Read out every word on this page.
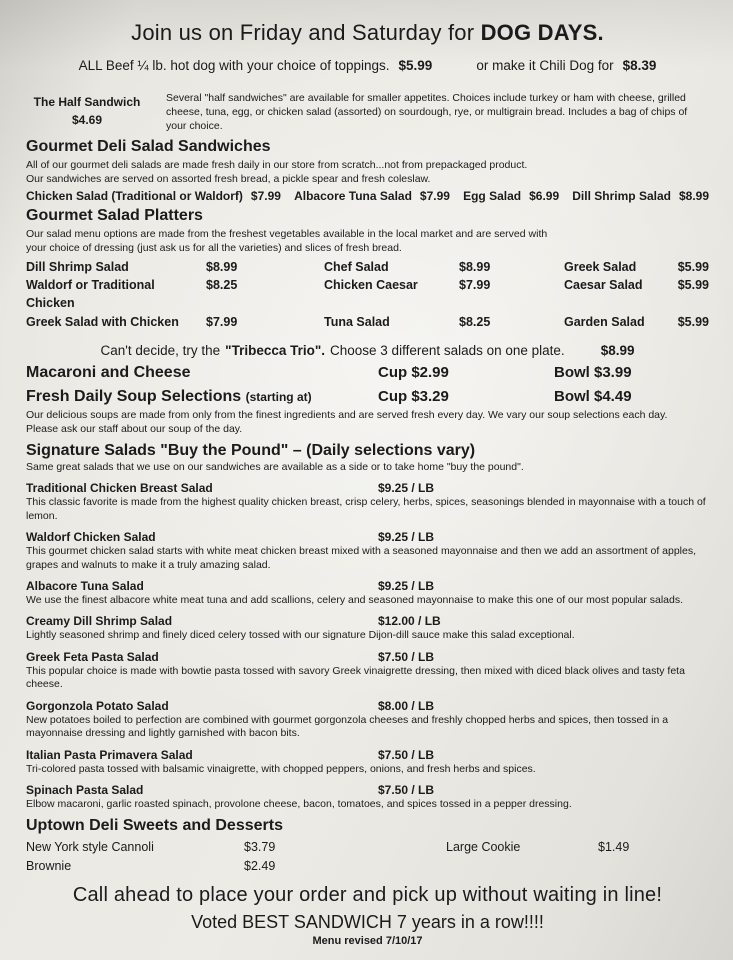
Join us on Friday and Saturday for DOG DAYS.
ALL Beef ¼ lb. hot dog with your choice of toppings. $5.99	or make it Chili Dog for $8.39
The Half Sandwich
$4.69
Several "half sandwiches" are available for smaller appetites. Choices include turkey or ham with cheese, grilled cheese, tuna, egg, or chicken salad (assorted) on sourdough, rye, or multigrain bread. Includes a bag of chips of your choice.
Gourmet Deli Salad Sandwiches
All of our gourmet deli salads are made fresh daily in our store from scratch...not from prepackaged product.
Our sandwiches are served on assorted fresh bread, a pickle spear and fresh coleslaw.
Chicken Salad (Traditional or Waldorf) $7.99 Albacore Tuna Salad $7.99 Egg Salad $6.99 Dill Shrimp Salad $8.99
Gourmet Salad Platters
Our salad menu options are made from the freshest vegetables available in the local market and are served with your choice of dressing (just ask us for all the varieties) and slices of fresh bread.
Dill Shrimp Salad	$8.99	Chef Salad	$8.99	Greek Salad	$5.99
Waldorf or Traditional Chicken
$8.25	Chicken Caesar	$7.99	Caesar Salad	$5.99
Greek Salad with Chicken	$7.99	Tuna Salad	$8.25	Garden Salad	$5.99
Can't decide, try the "Tribecca Trio". Choose 3 different salads on one plate.	$8.99
Macaroni and Cheese	Cup $2.99	Bowl $3.99
Fresh Daily Soup Selections (starting at)	Cup $3.29	Bowl $4.49
Our delicious soups are made from only from the finest ingredients and are served fresh every day. We vary our soup selections each day.
Please ask our staff about our soup of the day.
Signature Salads "Buy the Pound" – (Daily selections vary)
Same great salads that we use on our sandwiches are available as a side or to take home "buy the pound".
Traditional Chicken Breast Salad	$9.25 / LB
This classic favorite is made from the highest quality chicken breast, crisp celery, herbs, spices, seasonings blended in mayonnaise with a touch of lemon.
Waldorf Chicken Salad	$9.25 / LB
This gourmet chicken salad starts with white meat chicken breast mixed with a seasoned mayonnaise and then we add an assortment of apples, grapes and walnuts to make it a truly amazing salad.
Albacore Tuna Salad	$9.25 / LB
We use the finest albacore white meat tuna and add scallions, celery and seasoned mayonnaise to make this one of our most popular salads.
Creamy Dill Shrimp Salad	$12.00 / LB
Lightly seasoned shrimp and finely diced celery tossed with our signature Dijon-dill sauce make this salad exceptional.
Greek Feta Pasta Salad	$7.50 / LB
This popular choice is made with bowtie pasta tossed with savory Greek vinaigrette dressing, then mixed with diced black olives and tasty feta cheese.
Gorgonzola Potato Salad	$8.00 / LB
New potatoes boiled to perfection are combined with gourmet gorgonzola cheeses and freshly chopped herbs and spices, then tossed in a mayonnaise dressing and lightly garnished with bacon bits.
Italian Pasta Primavera Salad	$7.50 / LB
Tri-colored pasta tossed with balsamic vinaigrette, with chopped peppers, onions, and fresh herbs and spices.
Spinach Pasta Salad	$7.50 / LB
Elbow macaroni, garlic roasted spinach, provolone cheese, bacon, tomatoes, and spices tossed in a pepper dressing.
Uptown Deli Sweets and Desserts
New York style Cannoli	$3.79	Large Cookie	$1.49
Brownie	$2.49
Call ahead to place your order and pick up without waiting in line!
Voted BEST SANDWICH 7 years in a row!!!!
Menu revised 7/10/17
